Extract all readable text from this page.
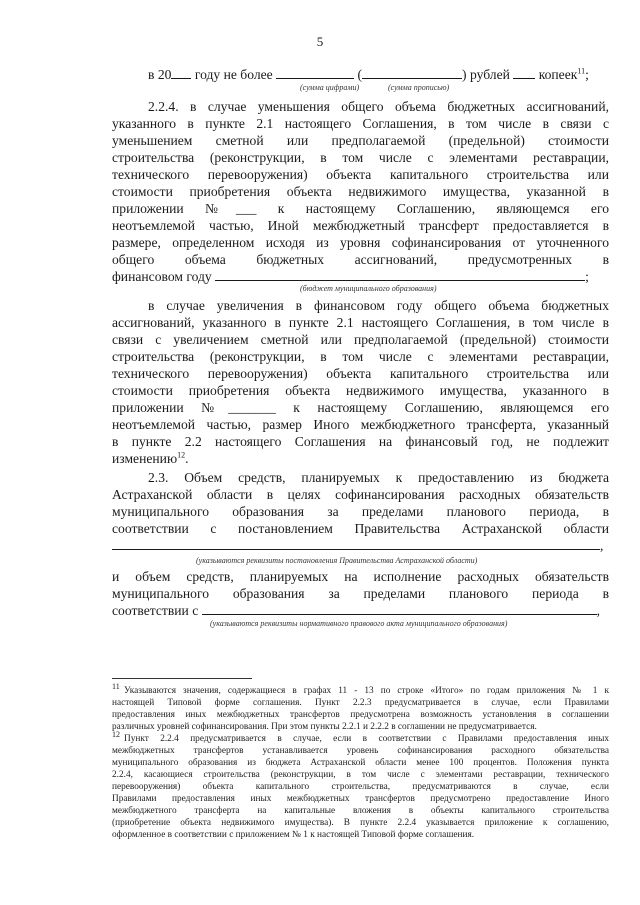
5
в 20 году не более	(	) рублей копеек$^{11}$;
(сумма цифрами)	(сумма прописью)
2.2.4. в случае уменьшения общего объема бюджетных ассигнований,
указанного в пункте 2.1 настоящего Соглашения, в том числе в связи с
уменьшением сметной или предполагаемой (предельной) стоимости
строительства (реконструкции, в том числе с элементами реставрации,
технического перевооружения) объекта капитального строительства или
стоимости приобретения объекта недвижимого имущества, указанной в
приложении №___ к настоящему Соглашению, являющемся его
неотъемлемой частью, Иной межбюджетный трансферт предоставляется в
размере, определенном исходя из уровня софинансирования от уточненного
общего объема бюджетных ассигнований, предусмотренных в
финансовом году	;
(бюджет муниципального образования)
в случае увеличения в финансовом году общего объема бюджетных
ассигнований, указанного в пункте 2.1 настоящего Соглашения, в том числе в
связи с увеличением сметной или предполагаемой (предельной) стоимости
строительства (реконструкции, в том числе с элементами реставрации,
технического перевооружения) объекта капитального строительства или
стоимости приобретения объекта недвижимого имущества, указанного в
приложении №_______ к настоящему Соглашению, являющемся его
неотъемлемой частью, размер Иного межбюджетного трансферта, указанный
в пункте 2.2 настоящего Соглашения на финансовый год, не подлежит
изменению$^{12}$.
2.3. Объем средств, планируемых к предоставлению из бюджета
Астраханской области в целях софинансирования расходных обязательств
муниципального образования за пределами планового периода, в
соответствии с постановлением Правительства Астраханской области
,
(указываются реквизиты постановления Правительства Астраханской области)
и объем средств, планируемых на исполнение расходных обязательств
муниципального образования за пределами планового периода в
соответствии с	,
(указываются реквизиты нормативного правового акта муниципального образования)
$^{11}$ Указываются значения, содержащиеся в графах 11 - 13 по строке «Итого» по годам приложения № 1 к
настоящей Типовой форме соглашения. Пункт 2.2.3 предусматривается в случае, если Правилами
предоставления иных межбюджетных трансфертов предусмотрена возможность установления в соглашении
различных уровней софинансирования. При этом пункты 2.2.1 и 2.2.2 в соглашении не предусматривается.
$^{12}$ Пункт 2.2.4 предусматривается в случае, если в соответствии с Правилами предоставления иных
межбюджетных трансфертов устанавливается уровень софинансирования расходного обязательства
муниципального образования из бюджета Астраханской области менее 100 процентов. Положения пункта
2.2.4, касающиеся строительства (реконструкции, в том числе с элементами реставрации, технического
перевооружения) объекта капитального строительства, предусматриваются в случае, если
Правилами предоставления иных межбюджетных трансфертов предусмотрено предоставление Иного
межбюджетного трансферта на капитальные вложения в объекты капитального строительства
(приобретение объекта недвижимого имущества). В пункте 2.2.4 указывается приложение к соглашению,
оформленное в соответствии с приложением № 1 к настоящей Типовой форме соглашения.
